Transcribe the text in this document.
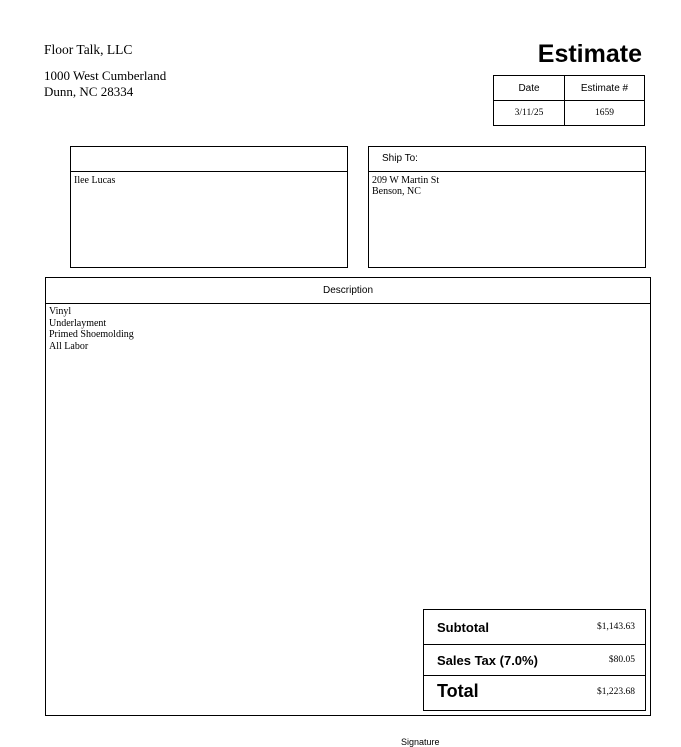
Floor Talk, LLC
1000 West Cumberland
Dunn, NC 28334
Estimate
Date	Estimate #
3/11/25	1659
Ilee Lucas
Ship To:
209 W Martin St
Benson, NC
Description
Vinyl
Underlayment
Primed Shoemolding
All Labor
Subtotal	$1,143.63
Sales Tax (7.0%)	$80.05
Total	$1,223.68
Signature
